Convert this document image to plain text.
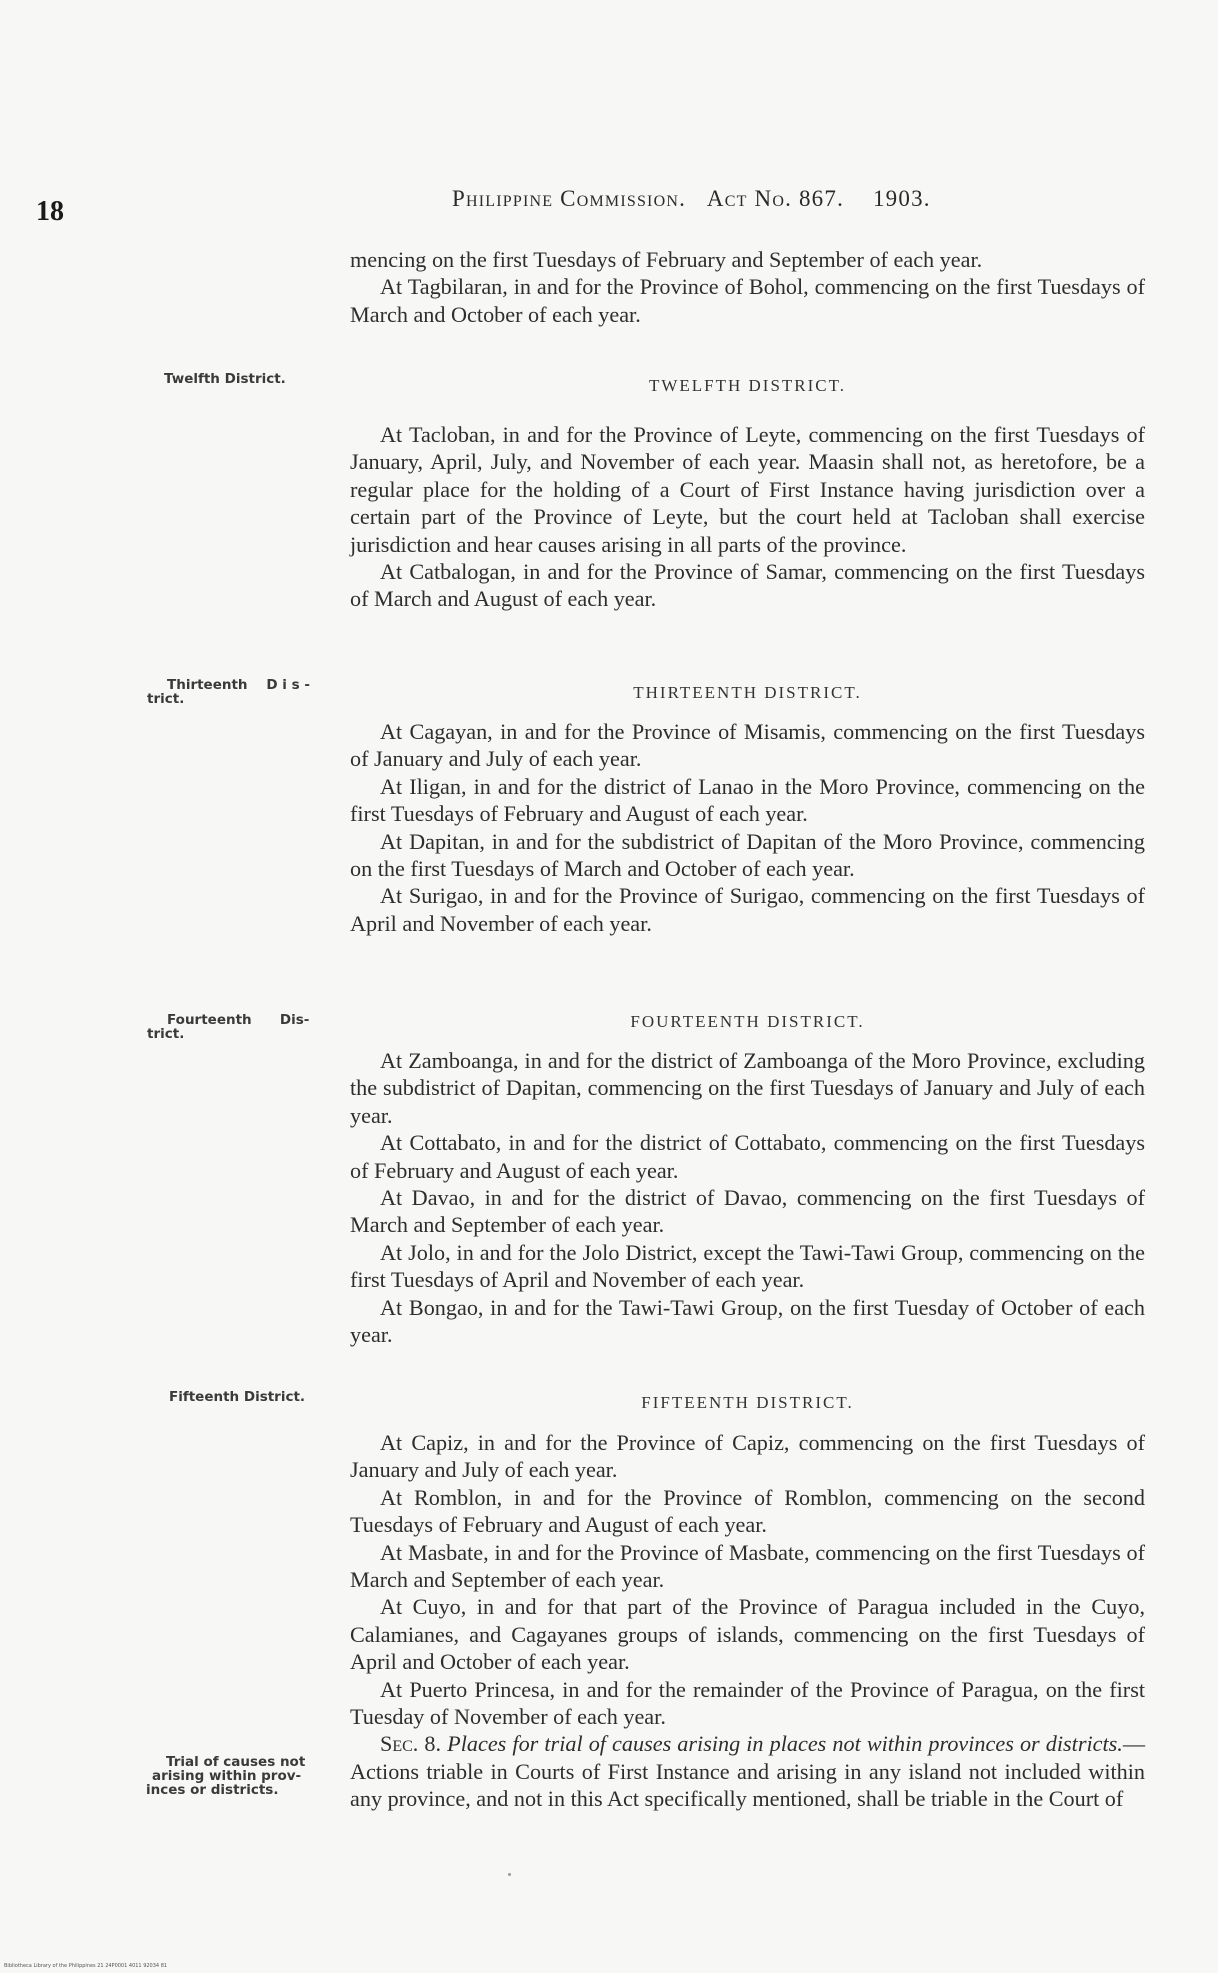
18	Philippine Commission. Act No. 867. 1903.

mencing on the first Tuesdays of February and September of each year.

At Tagbilaran, in and for the Province of Bohol, commencing on the first Tuesdays of March and October of each year.

Twelfth District.	TWELFTH DISTRICT.

At Tacloban, in and for the Province of Leyte, commencing on the first Tuesdays of January, April, July, and November of each year. Maasin shall not, as heretofore, be a regular place for the holding of a Court of First Instance having jurisdiction over a certain part of the Province of Leyte, but the court held at Tacloban shall exercise jurisdiction and hear causes arising in all parts of the province.

At Catbalogan, in and for the Province of Samar, commencing on the first Tuesdays of March and August of each year.

Thirteenth    D i s -
trict.	THIRTEENTH DISTRICT.

At Cagayan, in and for the Province of Misamis, commencing on the first Tuesdays of January and July of each year.

At Iligan, in and for the district of Lanao in the Moro Province, commencing on the first Tuesdays of February and August of each year.

At Dapitan, in and for the subdistrict of Dapitan of the Moro Province, commencing on the first Tuesdays of March and October of each year.

At Surigao, in and for the Province of Surigao, commencing on the first Tuesdays of April and November of each year.

Fourteenth      Dis-
trict.
FOURTEENTH DISTRICT.

At Zamboanga, in and for the district of Zamboanga of the Moro Province, excluding the subdistrict of Dapitan, commencing on the first Tuesdays of January and July of each year.

At Cottabato, in and for the district of Cottabato, commencing on the first Tuesdays of February and August of each year.

At Davao, in and for the district of Davao, commencing on the first Tuesdays of March and September of each year.

At Jolo, in and for the Jolo District, except the Tawi-Tawi Group, commencing on the first Tuesdays of April and November of each year.

At Bongao, in and for the Tawi-Tawi Group, on the first Tuesday of October of each year.

Fifteenth District.	FIFTEENTH DISTRICT.

At Capiz, in and for the Province of Capiz, commencing on the first Tuesdays of January and July of each year.

At Romblon, in and for the Province of Romblon, commencing on the second Tuesdays of February and August of each year.

At Masbate, in and for the Province of Masbate, commencing on the first Tuesdays of March and September of each year.

At Cuyo, in and for that part of the Province of Paragua included in the Cuyo, Calamianes, and Cagayanes groups of islands, commencing on the first Tuesdays of April and October of each year.

At Puerto Princesa, in and for the remainder of the Province of Paragua, on the first Tuesday of November of each year.

Sec. 8. Places for trial of causes arising in places not within provinces or districts.—Actions triable in Courts of First Instance and arising in any island not included within any province, and not in this Act specifically mentioned, shall be triable in the Court of

Trial of causes not
arising within prov-
inces or districts.
Bibliotheca Library of the Philippines 21 24P0001 4011 92034 81
